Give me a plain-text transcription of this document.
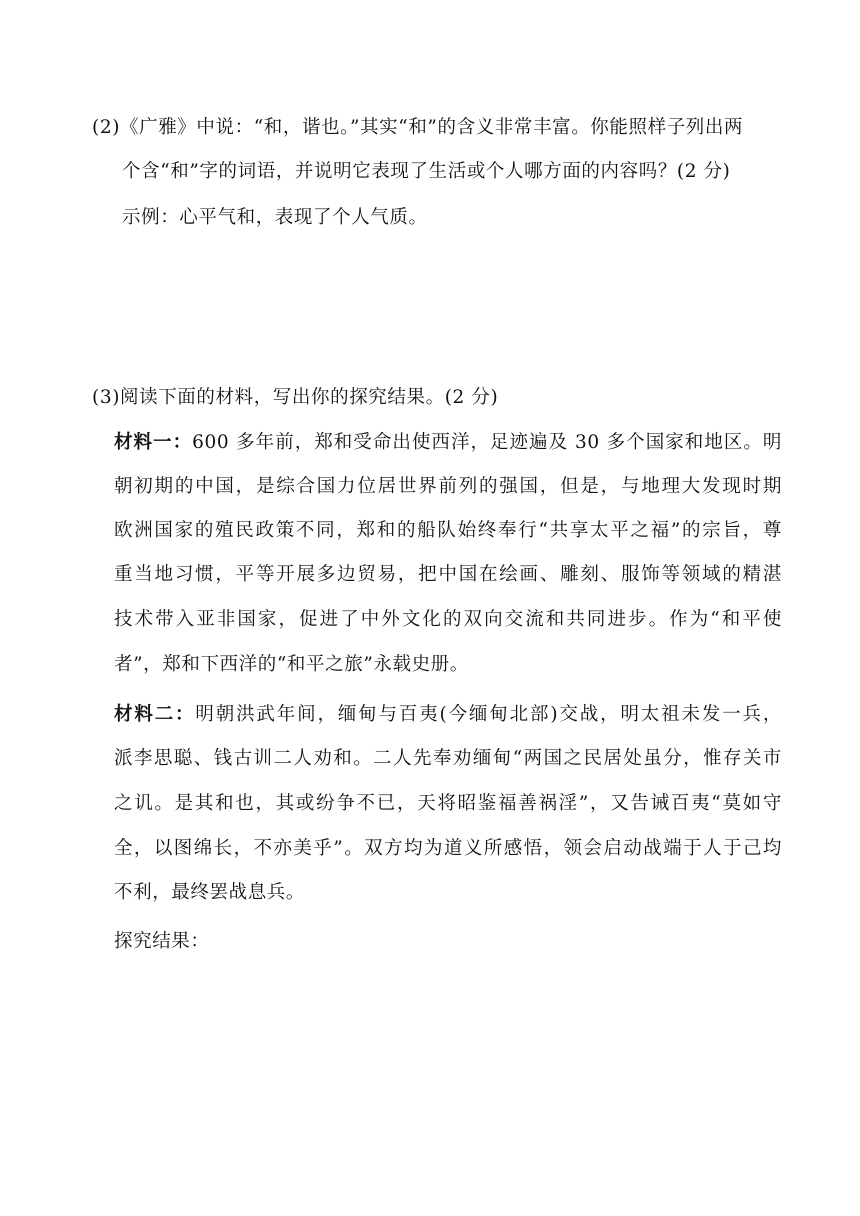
(2)《广雅》中说：“和，谐也。”其实“和”的含义非常丰富。你能照样子列出两
个含“和”字的词语，并说明它表现了生活或个人哪方面的内容吗？(2 分)
示例：心平气和，表现了个人气质。
(3)阅读下面的材料，写出你的探究结果。(2 分)
材料一：600 多年前，郑和受命出使西洋，足迹遍及 30 多个国家和地区。明
朝初期的中国，是综合国力位居世界前列的强国，但是，与地理大发现时期
欧洲国家的殖民政策不同，郑和的船队始终奉行“共享太平之福”的宗旨，尊
重当地习惯，平等开展多边贸易，把中国在绘画、雕刻、服饰等领域的精湛
技术带入亚非国家，促进了中外文化的双向交流和共同进步。作为“和平使
者”，郑和下西洋的“和平之旅”永载史册。
材料二：明朝洪武年间，缅甸与百夷(今缅甸北部)交战，明太祖未发一兵，
派李思聪、钱古训二人劝和。二人先奉劝缅甸“两国之民居处虽分，惟存关市
之讥。是其和也，其或纷争不已，天将昭鉴福善祸淫”，又告诫百夷“莫如守
全，以图绵长，不亦美乎”。双方均为道义所感悟，领会启动战端于人于己均
不利，最终罢战息兵。
探究结果：
